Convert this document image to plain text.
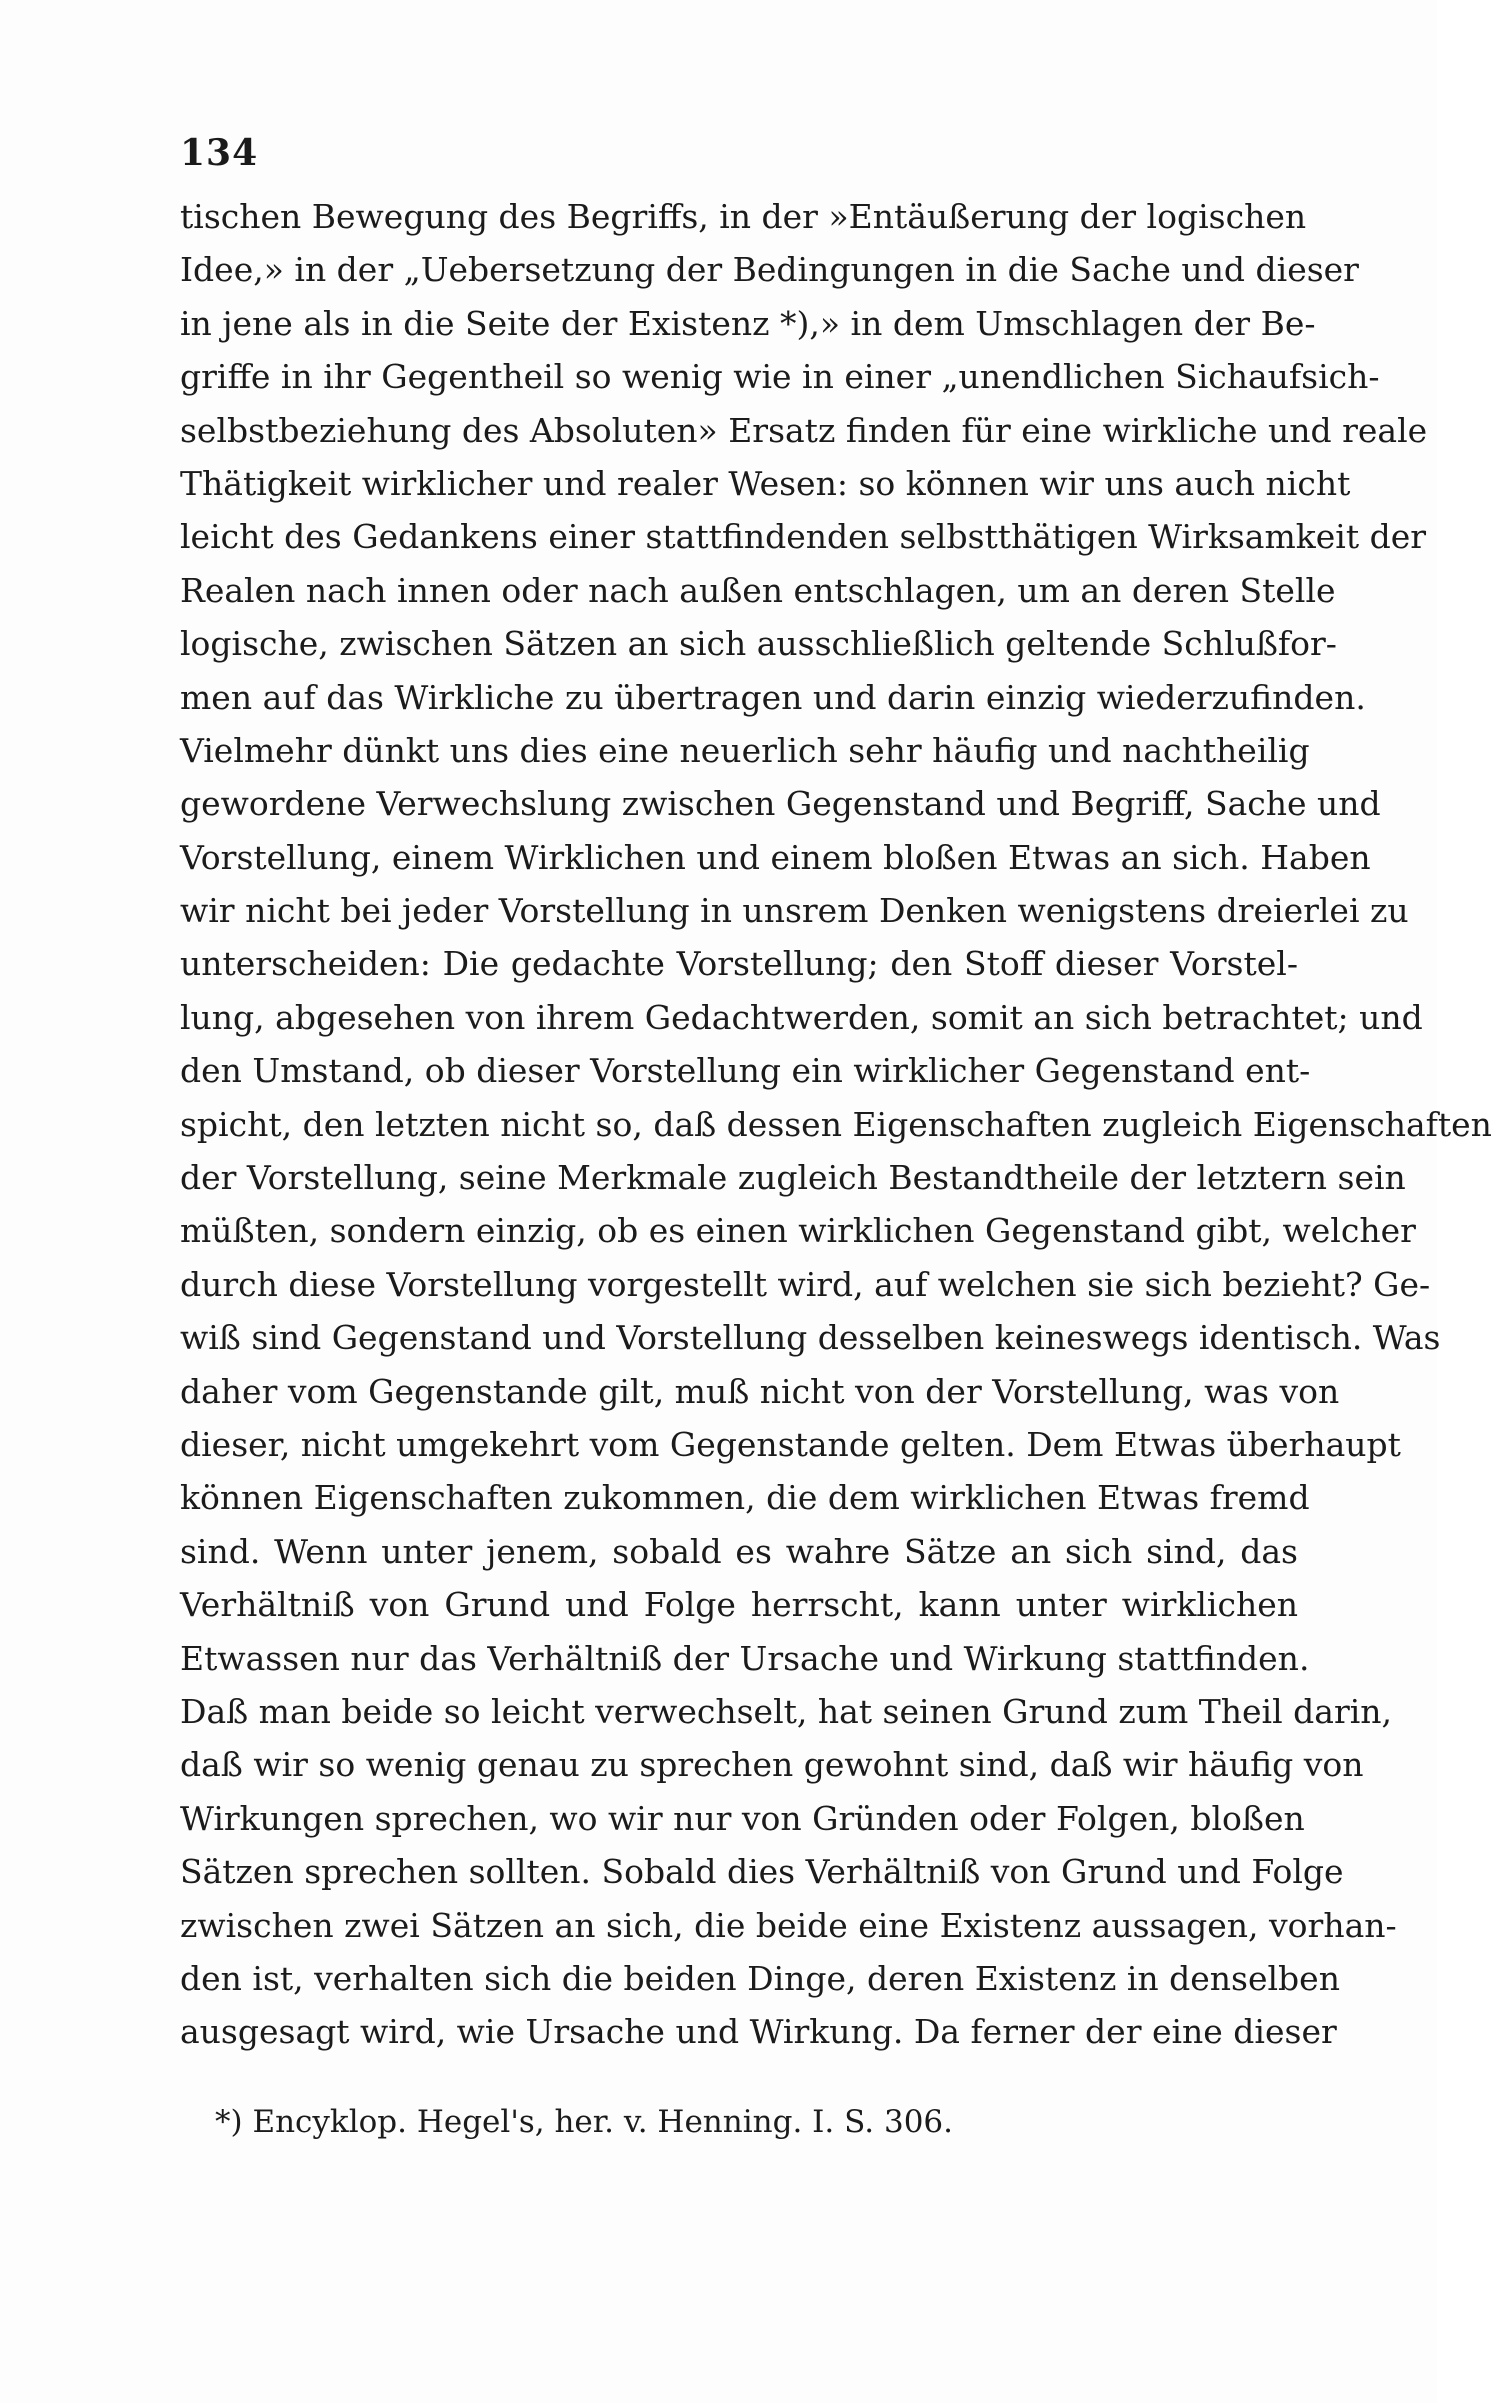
134
tischen Bewegung des Begriffs, in der »Entäußerung der logischen
Idee,» in der „Uebersetzung der Bedingungen in die Sache und dieser
in jene als in die Seite der Existenz *),» in dem Umschlagen der Be-
griffe in ihr Gegentheil so wenig wie in einer „unendlichen Sichaufsich-
selbstbeziehung des Absoluten» Ersatz finden für eine wirkliche und reale
Thätigkeit wirklicher und realer Wesen: so können wir uns auch nicht
leicht des Gedankens einer stattfindenden selbstthätigen Wirksamkeit der
Realen nach innen oder nach außen entschlagen, um an deren Stelle
logische, zwischen Sätzen an sich ausschließlich geltende Schlußfor-
men auf das Wirkliche zu übertragen und darin einzig wiederzufinden.
Vielmehr dünkt uns dies eine neuerlich sehr häufig und nachtheilig
gewordene Verwechslung zwischen Gegenstand und Begriff, Sache und
Vorstellung, einem Wirklichen und einem bloßen Etwas an sich. Haben
wir nicht bei jeder Vorstellung in unsrem Denken wenigstens dreierlei zu
unterscheiden: Die gedachte Vorstellung; den Stoff dieser Vorstel-
lung, abgesehen von ihrem Gedachtwerden, somit an sich betrachtet; und
den Umstand, ob dieser Vorstellung ein wirklicher Gegenstand ent-
spicht, den letzten nicht so, daß dessen Eigenschaften zugleich Eigenschaften
der Vorstellung, seine Merkmale zugleich Bestandtheile der letztern sein
müßten, sondern einzig, ob es einen wirklichen Gegenstand gibt, welcher
durch diese Vorstellung vorgestellt wird, auf welchen sie sich bezieht? Ge-
wiß sind Gegenstand und Vorstellung desselben keineswegs identisch. Was
daher vom Gegenstande gilt, muß nicht von der Vorstellung, was von
dieser, nicht umgekehrt vom Gegenstande gelten. Dem Etwas überhaupt
können Eigenschaften zukommen, die dem wirklichen Etwas fremd
sind. Wenn unter jenem, sobald es wahre Sätze an sich sind, das
Verhältniß von Grund und Folge herrscht, kann unter wirklichen
Etwassen nur das Verhältniß der Ursache und Wirkung stattfinden.
Daß man beide so leicht verwechselt, hat seinen Grund zum Theil darin,
daß wir so wenig genau zu sprechen gewohnt sind, daß wir häufig von
Wirkungen sprechen, wo wir nur von Gründen oder Folgen, bloßen
Sätzen sprechen sollten. Sobald dies Verhältniß von Grund und Folge
zwischen zwei Sätzen an sich, die beide eine Existenz aussagen, vorhan-
den ist, verhalten sich die beiden Dinge, deren Existenz in denselben
ausgesagt wird, wie Ursache und Wirkung. Da ferner der eine dieser
*) Encyklop. Hegel's, her. v. Henning. I. S. 306.
